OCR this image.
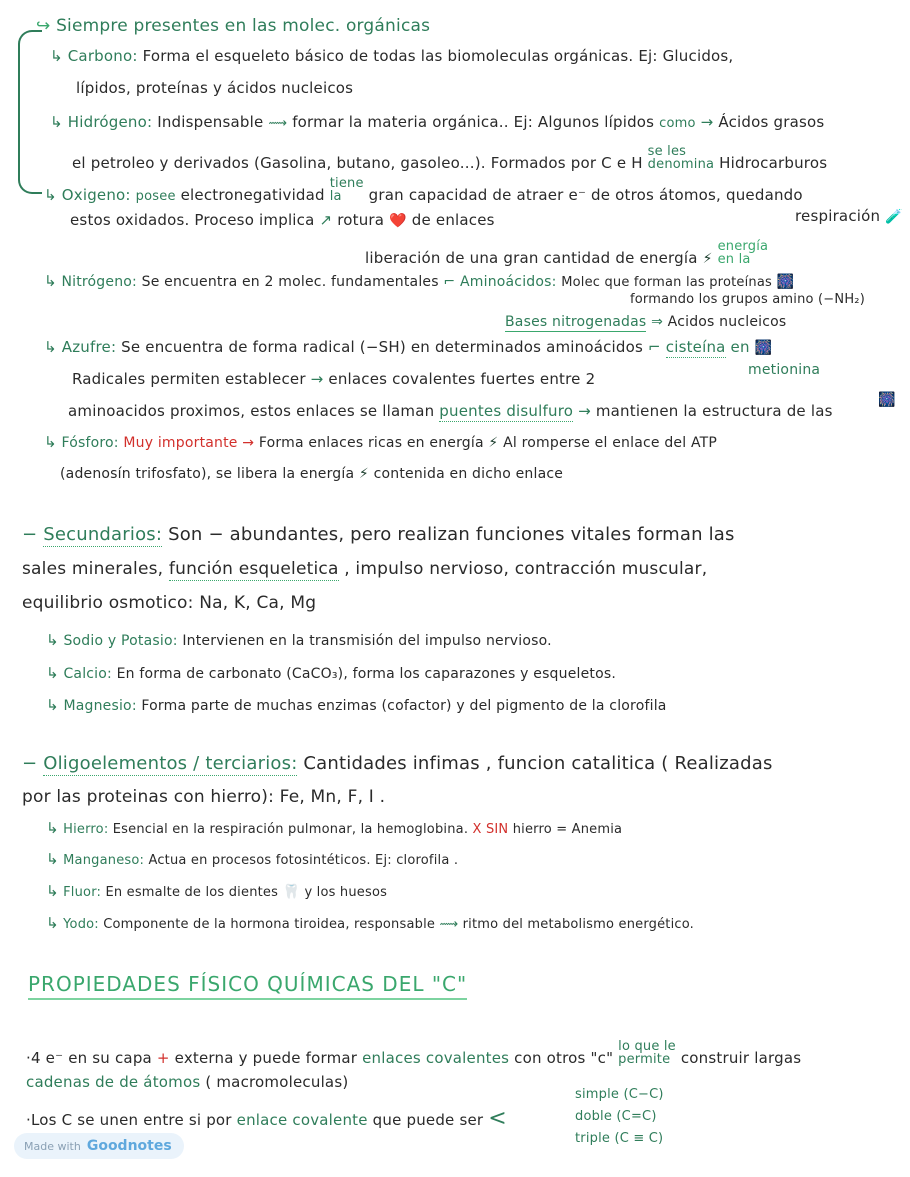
↪ Siempre presentes en las molec. orgánicas
↳ Carbono: Forma el esqueleto básico de todas las biomoleculas orgánicas. Ej: Glucidos,
lípidos, proteínas y ácidos nucleicos
↳ Hidrógeno: Indispensable ⟿ formar la materia orgánica.. Ej: Algunos lípidos como → Ácidos grasos
el petroleo y derivados (Gasolina, butano, gasoleo...). Formados por C e H se les
denomina Hidrocarburos
↳ Oxigeno: posee electronegatividad tiene
la gran capacidad de atraer e⁻ de otros átomos, quedando
estos oxidados. Proceso implica ↗ rotura ❤️ de enlaces
liberación de una gran cantidad de energía ⚡ energía
en la
respiración 🧪
↳ Nitrógeno: Se encuentra en 2 molec. fundamentales ⌐ Aminoácidos: Molec que forman las proteínas 🎆
formando los grupos amino (−NH₂)
Bases nitrogenadas ⇒ Acidos nucleicos
↳ Azufre: Se encuentra de forma radical (−SH) en determinados aminoácidos ⌐ cisteína en 🎆
metionina
Radicales permiten establecer → enlaces covalentes fuertes entre 2
aminoacidos proximos, estos enlaces se llaman puentes disulfuro → mantienen la estructura de las
🎆
↳ Fósforo: Muy importante → Forma enlaces ricas en energía ⚡ Al romperse el enlace del ATP
(adenosín trifosfato), se libera la energía ⚡ contenida en dicho enlace
− Secundarios: Son − abundantes, pero realizan funciones vitales forman las
sales minerales, función esqueletica , impulso nervioso, contracción muscular,
equilibrio osmotico: Na, K, Ca, Mg
↳ Sodio y Potasio: Intervienen en la transmisión del impulso nervioso.
↳ Calcio: En forma de carbonato (CaCO₃), forma los caparazones y esqueletos.
↳ Magnesio: Forma parte de muchas enzimas (cofactor) y del pigmento de la clorofila
− Oligoelementos / terciarios: Cantidades infimas , funcion catalitica ( Realizadas
por las proteinas con hierro): Fe, Mn, F, I .
↳ Hierro: Esencial en la respiración pulmonar, la hemoglobina. X SIN hierro = Anemia
↳ Manganeso: Actua en procesos fotosintéticos. Ej: clorofila .
↳ Fluor: En esmalte de los dientes 🦷 y los huesos
↳ Yodo: Componente de la hormona tiroidea, responsable ⟿ ritmo del metabolismo energético.
PROPIEDADES FÍSICO QUÍMICAS DEL "C"
·4 e⁻ en su capa + externa y puede formar enlaces covalentes con otros "c" lo que le
permite construir largas
cadenas de de átomos ( macromoleculas)
·Los C se unen entre si por enlace covalente que puede ser <
simple (C−C)
doble (C=C)
triple (C ≡ C)
Made with Goodnotes
